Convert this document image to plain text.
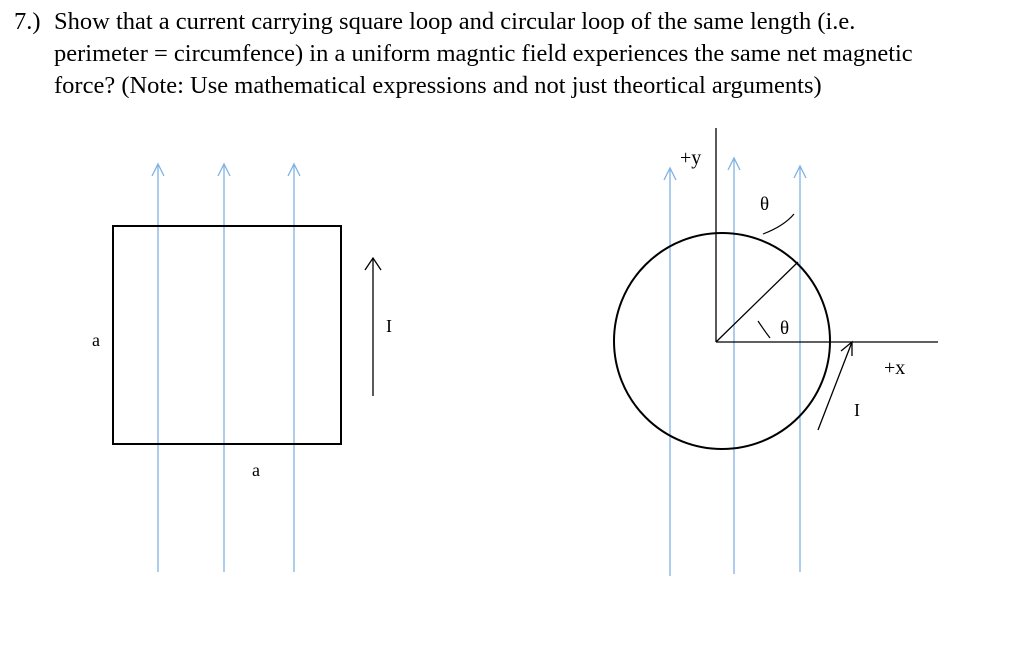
7.) Show that a current carrying square loop and circular loop of the same length (i.e.
perimeter = circumfence) in a uniform magntic field experiences the same net magnetic
force? (Note: Use mathematical expressions and not just theortical arguments)
I
a
a
θ
θ
+y
+x
I
